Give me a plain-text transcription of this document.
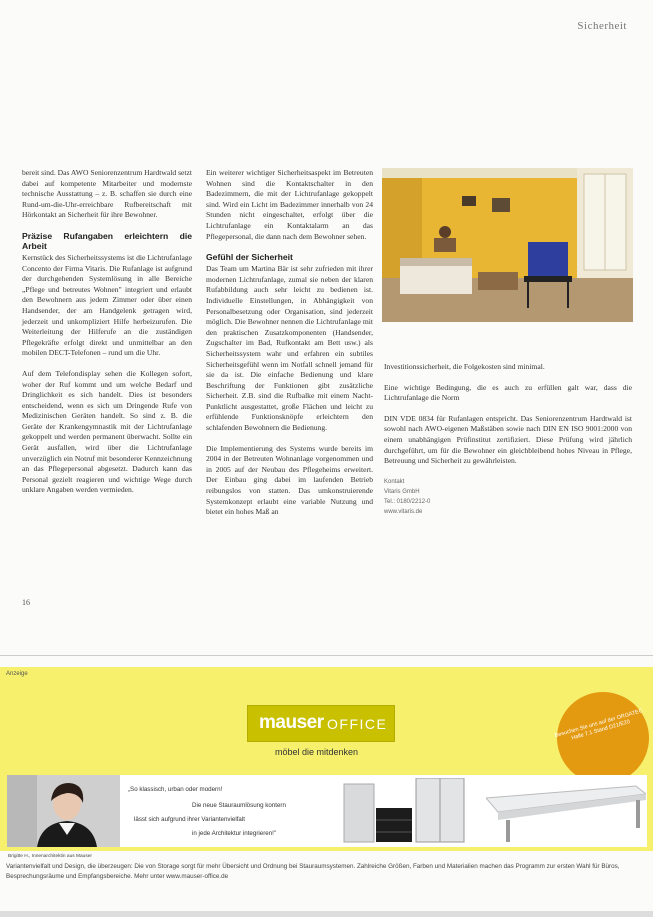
Sicherheit

bereit sind. Das AWO Seniorenzentrum Hardtwald setzt dabei auf kompetente Mitarbeiter und modernste technische Ausstattung – z. B. schaffen sie durch eine Rund-um-die-Uhr-erreichbare Rufbereitschaft mit Hörkontakt an Sicherheit für ihre Bewohner.

Präzise Rufangaben erleichtern die Arbeit

Kernstück des Sicherheitssystems ist die Lichtrufanlage Concento der Firma Vitaris. Die Rufanlage ist aufgrund der durchgehenden Systemlösung in alle Bereiche „Pflege und betreutes Wohnen" integriert und erlaubt den Bewohnern aus jedem Zimmer oder über einen Handsender, der am Handgelenk getragen wird, jederzeit und unkompliziert Hilfe herbeizurufen. Die Weiterleitung der Hilferufe an die zuständigen Pflegekräfte erfolgt direkt und unmittelbar an den mobilen DECT-Telefonen – rund um die Uhr.

Auf dem Telefondisplay sehen die Kollegen sofort, woher der Ruf kommt und um welche Bedarf und Dringlichkeit es sich handelt. Dies ist besonders entscheidend, wenn es sich um Dringende Rufe von Medizinischen Geräten handelt. So sind z. B. die Geräte der Krankengymnastik mit der Lichtrufanlage gekoppelt und werden permanent überwacht. Sollte ein Gerät ausfallen, wird über die Lichtrufanlage unverzüglich ein Notruf mit besonderer Kennzeichnung an das Pflegepersonal abgesetzt. Dadurch kann das Personal gezielt reagieren und wichtige Wege durch unklare Angaben werden vermieden.

Ein weiterer wichtiger Sicherheitsaspekt im Betreuten Wohnen sind die Kontaktschalter in den Badezimmern, die mit der Lichtrufanlage gekoppelt sind. Wird ein Licht im Badezimmer innerhalb von 24 Stunden nicht eingeschaltet, erfolgt über die Lichtrufanlage ein Kontaktalarm an das Pflegepersonal, die dann nach dem Bewohner sehen.

Gefühl der Sicherheit

Das Team um Martina Bär ist sehr zufrieden mit ihrer modernen Lichtrufanlage, zumal sie neben der klaren Rufabbildung auch sehr leicht zu bedienen ist. Individuelle Einstellungen, in Abhängigkeit von Personalbesetzung oder Organisation, sind jederzeit möglich. Die Bewohner nennen die Lichtrufanlage mit den praktischen Zusatzkomponenten (Handsender, Zugschalter im Bad, Rufkontakt am Bett usw.) als Sicherheitssystem wahr und erfahren ein subtiles Sicherheitsgefühl wenn im Notfall schnell jemand für sie da ist. Die einfache Bedienung und klare Beschriftung der Funktionen gibt zusätzliche Sicherheit. Z.B. sind die Rufbalke mit einem Nacht-Punktlicht ausgestattet, große Flächen und leicht zu erfühlende Funktionsknöpfe erleichtern den schlafenden Bewohnern die Bedienung.

Die Implementierung des Systems wurde bereits im 2004 in der Betreuten Wohnanlage vorgenommen und in 2005 auf der Neubau des Pflegeheims erweitert. Der Einbau ging dabei im laufenden Betrieb reibungslos von statten. Das umkonstruierende Systemkonzept erlaubt eine variable Nutzung und bietet ein hohes Maß an

Investitionssicherheit, die Folgekosten sind minimal.

Eine wichtige Bedingung, die es auch zu erfüllen galt war, dass die Lichtrufanlage die Norm

DIN VDE 0834 für Rufanlagen entspricht. Das Seniorenzentrum Hardtwald ist sowohl nach AWO-eigenen Maßstäben sowie nach DIN EN ISO 9001:2000 von einem unabhängigen Prüfinstitut zertifiziert. Diese Prüfung wird jährlich durchgeführt, um für die Bewohner ein gleichbleibend hohes Niveau in Pflege, Betreuung und Sicherheit zu gewährleisten.

Kontakt
Vitaris GmbH
Tel.: 0180/2212-0
www.vitaris.de
16
Anzeige
mauser OFFICE
möbel die mitdenken
Besuchen Sie uns auf der ORGATEC Halle 7.1 Stand D21/E20
Brigitte H., Innenarchitektin aus Mauser
„So klassisch, urban oder modern!
Die neue Stauraumlösung kontern
lässt sich aufgrund ihrer Variantenvielfalt
in jede Architektur integrieren!"
Variantenvielfalt und Design, die überzeugen: Die von Storage sorgt für mehr Übersicht und Ordnung bei Stauraumsystemen. Zahlreiche Größen, Farben und Materialien machen das Programm zur ersten Wahl für Büros, Besprechungsräume und Empfangsbereiche. Mehr unter www.mauser-office.de
